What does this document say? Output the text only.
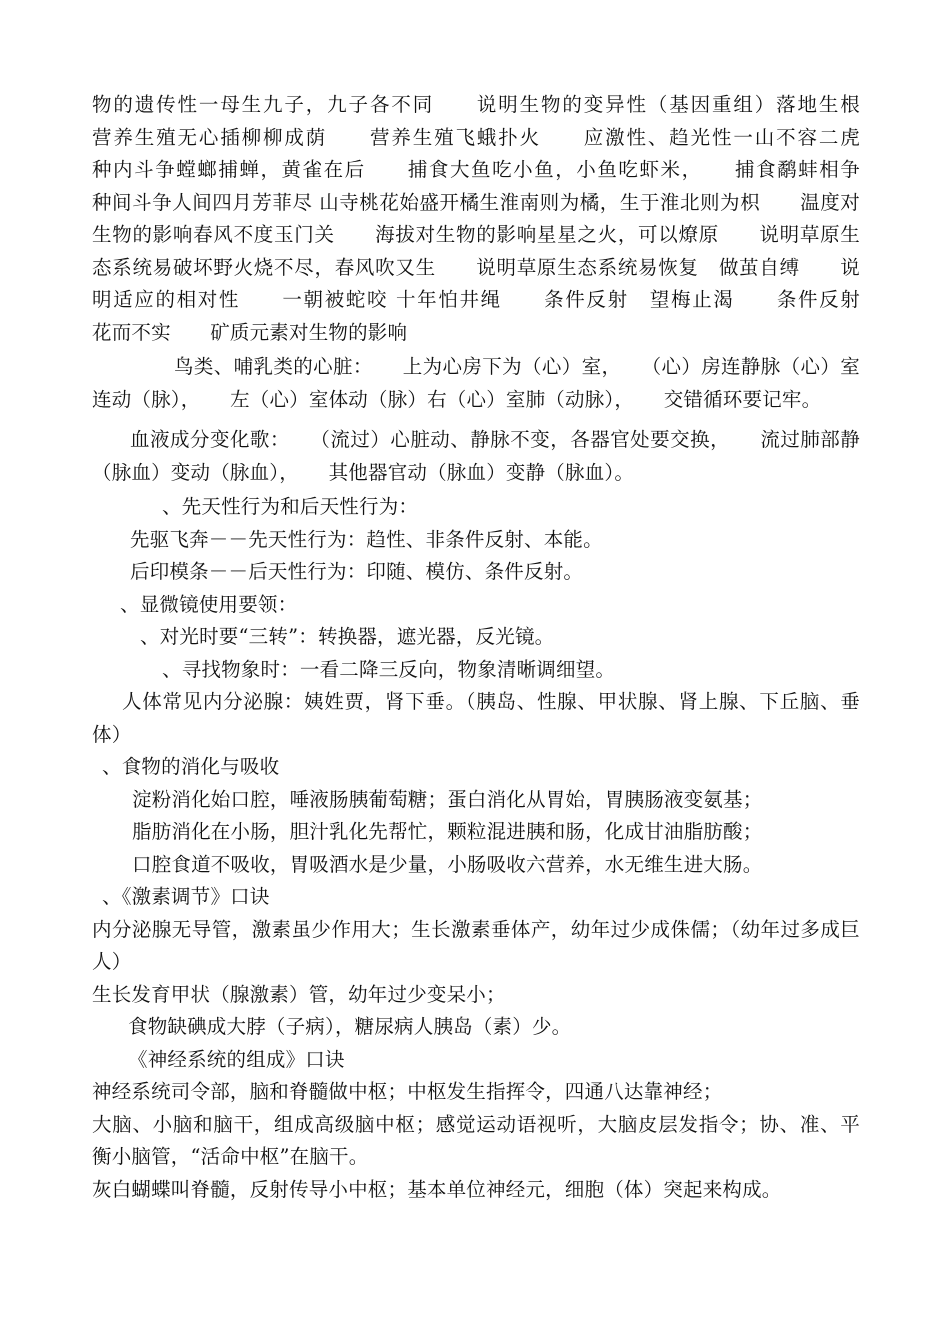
物的遗传性一母生九子，九子各不同　　说明生物的变异性（基因重组）落地生根　　营养生殖无心插柳柳成荫　　营养生殖飞蛾扑火　　应激性、趋光性一山不容二虎　　种内斗争螳螂捕蝉，黄雀在后　　捕食大鱼吃小鱼，小鱼吃虾米，　　捕食鹬蚌相争　　种间斗争人间四月芳菲尽 山寺桃花始盛开橘生淮南则为橘，生于淮北则为枳　　温度对生物的影响春风不度玉门关　　海拔对生物的影响星星之火，可以燎原　　说明草原生态系统易破坏野火烧不尽，春风吹又生　　说明草原生态系统易恢复　做茧自缚　　说明适应的相对性　　一朝被蛇咬 十年怕井绳　　条件反射　望梅止渴　　条件反射　　花而不实　　矿质元素对生物的影响

鸟类、哺乳类的心脏：　　上为心房下为（心）室，　　（心）房连静脉（心）室连动（脉），　　左（心）室体动（脉）右（心）室肺（动脉），　　交错循环要记牢。

血液成分变化歌：　　（流过）心脏动、静脉不变，各器官处要交换，　　流过肺部静（脉血）变动（脉血），　　其他器官动（脉血）变静（脉血）。

、先天性行为和后天性行为：

先驱飞奔－－先天性行为：趋性、非条件反射、本能。

后印模条－－后天性行为：印随、模仿、条件反射。

、显微镜使用要领：

、对光时要“三转”：转换器，遮光器，反光镜。

、寻找物象时：一看二降三反向，物象清晰调细望。

人体常见内分泌腺：姨姓贾，肾下垂。（胰岛、性腺、甲状腺、肾上腺、下丘脑、垂体）

、食物的消化与吸收

淀粉消化始口腔，唾液肠胰葡萄糖；蛋白消化从胃始，胃胰肠液变氨基；

脂肪消化在小肠，胆汁乳化先帮忙，颗粒混进胰和肠，化成甘油脂肪酸；

口腔食道不吸收，胃吸酒水是少量，小肠吸收六营养，水无维生进大肠。

、《激素调节》口诀

内分泌腺无导管，激素虽少作用大；生长激素垂体产，幼年过少成侏儒；（幼年过多成巨人）

生长发育甲状（腺激素）管，幼年过少变呆小；

食物缺碘成大脖（子病），糖尿病人胰岛（素）少。

《神经系统的组成》口诀

神经系统司令部，脑和脊髓做中枢；中枢发生指挥令，四通八达靠神经；

大脑、小脑和脑干，组成高级脑中枢；感觉运动语视听，大脑皮层发指令；协、准、平衡小脑管，“活命中枢”在脑干。

灰白蝴蝶叫脊髓，反射传导小中枢；基本单位神经元，细胞（体）突起来构成。
